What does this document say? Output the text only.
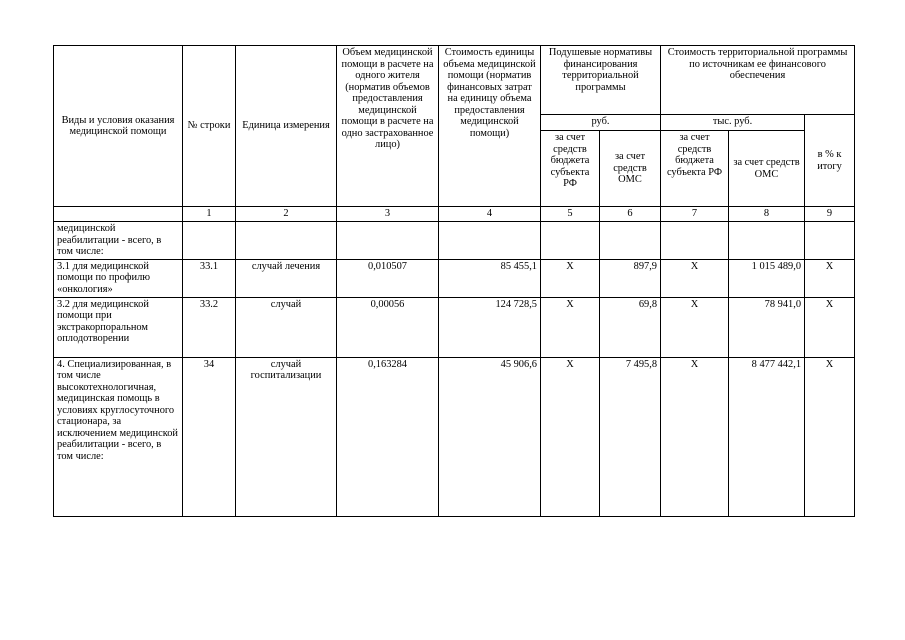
Виды и условия оказания медицинской помощи	№ строки	Единица измерения	Объем медицинской помощи в расчете на одного жителя (норматив объемов предоставления медицинской помощи в расчете на одно застрахованное лицо)	Стоимость единицы объема медицинской помощи (норматив финансовых затрат на единицу объема предоставления медицинской помощи)	Подушевые нормативы финансирования территориальной программы		Стоимость территориальной программы по источникам ее финансового обеспечения		
					руб.		тыс. руб.		в % к итогу
					за счет средств бюджета субъекта РФ	за счет средств ОМС	за счет средств бюджета субъекта РФ	за счет средств ОМС	
	1	2	3	4	5	6	7	8	9
медицинской реабилитации - всего, в том числе:									
3.1 для медицинской помощи по профилю «онкология»	33.1	случай лечения	0,010507	85 455,1	Х	897,9	Х	1 015 489,0	Х
3.2 для медицинской помощи при экстракорпоральном оплодотворении	33.2	случай	0,00056	124 728,5	Х	69,8	Х	78 941,0	Х
4. Специализированная, в том числе высокотехнологичная, медицинская помощь в условиях круглосуточного стационара, за исключением медицинской реабилитации - всего, в том числе:	34	случай госпитализации	0,163284	45 906,6	Х	7 495,8	Х	8 477 442,1	Х
